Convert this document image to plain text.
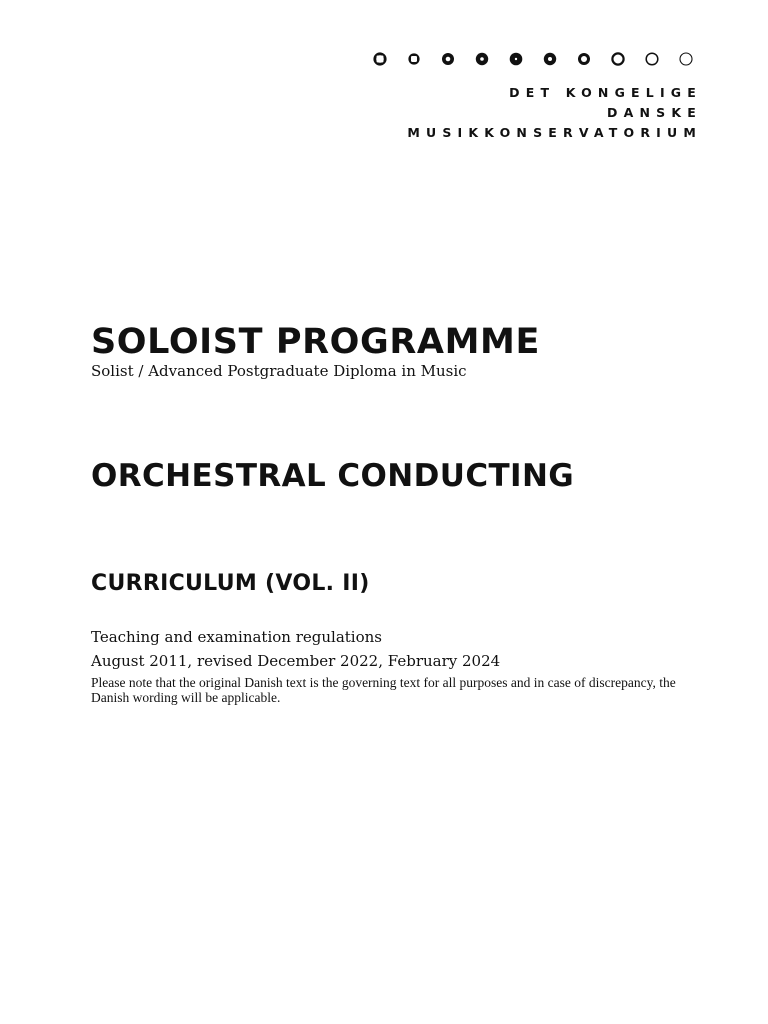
DET KONGELIGE
DANSKE
MUSIKKONSERVATORIUM
SOLOIST PROGRAMME
Solist / Advanced Postgraduate Diploma in Music
ORCHESTRAL CONDUCTING
CURRICULUM (VOL. II)
Teaching and examination regulations
August 2011, revised December 2022, February 2024
Please note that the original Danish text is the governing text for all purposes and in case of discrepancy, the Danish wording will be applicable.
